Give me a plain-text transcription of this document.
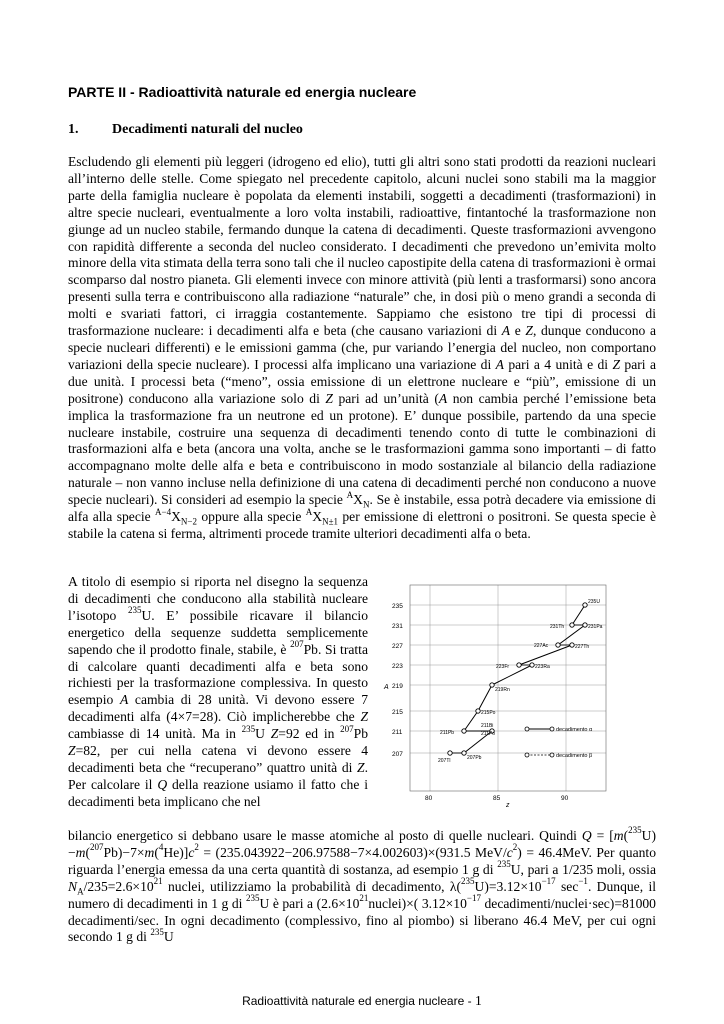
PARTE II - Radioattività naturale ed energia nucleare
1. Decadimenti naturali del nucleo

Escludendo gli elementi più leggeri (idrogeno ed elio), tutti gli altri sono stati prodotti da reazioni nucleari all’interno delle stelle. Come spiegato nel precedente capitolo, alcuni nuclei sono stabili ma la maggior parte della famiglia nucleare è popolata da elementi instabili, soggetti a decadimenti (trasformazioni) in altre specie nucleari, eventualmente a loro volta instabili, radioattive, fintantoché la trasformazione non giunge ad un nucleo stabile, fermando dunque la catena di decadimenti. Queste trasformazioni avvengono con rapidità differente a seconda del nucleo considerato. I decadimenti che prevedono un’emivita molto minore della vita stimata della terra sono tali che il nucleo capostipite della catena di trasformazioni è ormai scomparso dal nostro pianeta. Gli elementi invece con minore attività (più lenti a trasformarsi) sono ancora presenti sulla terra e contribuiscono alla radiazione “naturale” che, in dosi più o meno grandi a seconda di molti e svariati fattori, ci irraggia costantemente. Sappiamo che esistono tre tipi di processi di trasformazione nucleare: i decadimenti alfa e beta (che causano variazioni di A e Z, dunque conducono a specie nucleari differenti) e le emissioni gamma (che, pur variando l’energia del nucleo, non comportano variazioni della specie nucleare). I processi alfa implicano una variazione di A pari a 4 unità e di Z pari a due unità. I processi beta (“meno”, ossia emissione di un elettrone nucleare e “più”, emissione di un positrone) conducono alla variazione solo di Z pari ad un’unità (A non cambia perché l’emissione beta implica la trasformazione fra un neutrone ed un protone). E’ dunque possibile, partendo da una specie nucleare instabile, costruire una sequenza di decadimenti tenendo conto di tutte le combinazioni di trasformazioni alfa e beta (ancora una volta, anche se le trasformazioni gamma sono importanti – di fatto accompagnano molte delle alfa e beta e contribuiscono in modo sostanziale al bilancio della radiazione naturale – non vanno incluse nella definizione di una catena di decadimenti perché non conducono a nuove specie nucleari). Si consideri ad esempio la specie $^AX_N$. Se è instabile, essa potrà decadere via emissione di alfa alla specie $^{A-4}X_{N-2}$ oppure alla specie $^AX_{N\pm 1}$ per emissione di elettroni o positroni. Se questa specie è stabile la catena si ferma, altrimenti procede tramite ulteriori decadimenti alfa o beta.

A titolo di esempio si riporta nel disegno la sequenza di decadimenti che conducono alla stabilità nucleare l’isotopo $^{235}$U. E’ possibile ricavare il bilancio energetico della sequenze suddetta semplicemente sapendo che il prodotto finale, stabile, è $^{207}$Pb. Si tratta di calcolare quanti decadimenti alfa e beta sono richiesti per la trasformazione complessiva. In questo esempio A cambia di 28 unità. Vi devono essere 7 decadimenti alfa (4×7=28). Ciò implicherebbe che Z cambiasse di 14 unità. Ma in $^{235}$U Z=92 ed in $^{207}$Pb Z=82, per cui nella catena vi devono essere 4 decadimenti beta che “recuperano” quattro unità di Z. Per calcolare il Q della reazione usiamo il fatto che i decadimenti beta implicano che nel

bilancio energetico si debbano usare le masse atomiche al posto di quelle nucleari. Quindi $Q = [m(^{235}U)-m(^{207}Pb)-7\times m(^4He)]c^2 = (235.043922-206.97588-7\times 4.002603)\times(931.5$ MeV/$c^2) = 46.4MeV$. Per quanto riguarda l’energia emessa da una certa quantità di sostanza, ad esempio 1 g di $^{235}$U, pari a 1/235 moli, ossia $N_A/235=2.6\times 10^{21}$ nuclei, utilizziamo la probabilità di decadimento, $\lambda(^{235}U)=3.12\times 10^{-17}$ $\sec^{-1}$. Dunque, il numero di decadimenti in 1 g di $^{235}$U è pari a $(2.6\times 10^{21}nuclei)\times$( $3.12\times 10^{-17}$ decadimenti/nuclei·sec)=81000 decadimenti/sec. In ogni decadimento (complessivo, fino al piombo) si liberano 46.4 MeV, per cui ogni secondo 1 g di $^{235}$U

235
231
227
223
219
215
211
207
A
80	85	90
z
235U
231Th	231Pa
227Ac	227Th
223Fr	223Ra
219Rn
215Po
211Bi
211Po
211Pb
207Tl	207Pb
decadimento α
decadimento β
Radioattività naturale ed energia nucleare - 1
